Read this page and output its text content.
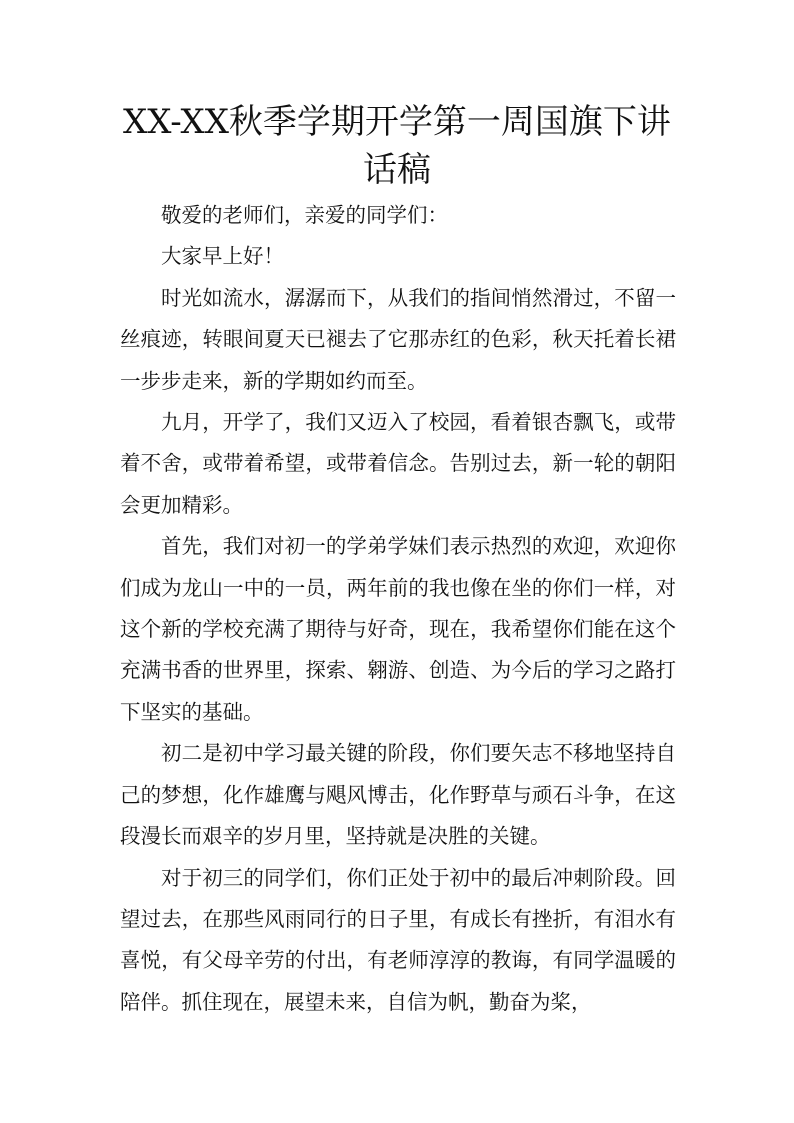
XX-XX秋季学期开学第一周国旗下讲话稿

敬爱的老师们，亲爱的同学们：

大家早上好！

时光如流水，潺潺而下，从我们的指间悄然滑过，不留一丝痕迹，转眼间夏天已褪去了它那赤红的色彩，秋天托着长裙一步步走来，新的学期如约而至。

九月，开学了，我们又迈入了校园，看着银杏飘飞，或带着不舍，或带着希望，或带着信念。告别过去，新一轮的朝阳会更加精彩。

首先，我们对初一的学弟学妹们表示热烈的欢迎，欢迎你们成为龙山一中的一员，两年前的我也像在坐的你们一样，对这个新的学校充满了期待与好奇，现在，我希望你们能在这个充满书香的世界里，探索、翱游、创造、为今后的学习之路打下坚实的基础。

初二是初中学习最关键的阶段，你们要矢志不移地坚持自己的梦想，化作雄鹰与飓风博击，化作野草与顽石斗争，在这段漫长而艰辛的岁月里，坚持就是决胜的关键。

对于初三的同学们，你们正处于初中的最后冲刺阶段。回望过去，在那些风雨同行的日子里，有成长有挫折，有泪水有喜悦，有父母辛劳的付出，有老师淳淳的教诲，有同学温暖的陪伴。抓住现在，展望未来，自信为帆，勤奋为桨，
